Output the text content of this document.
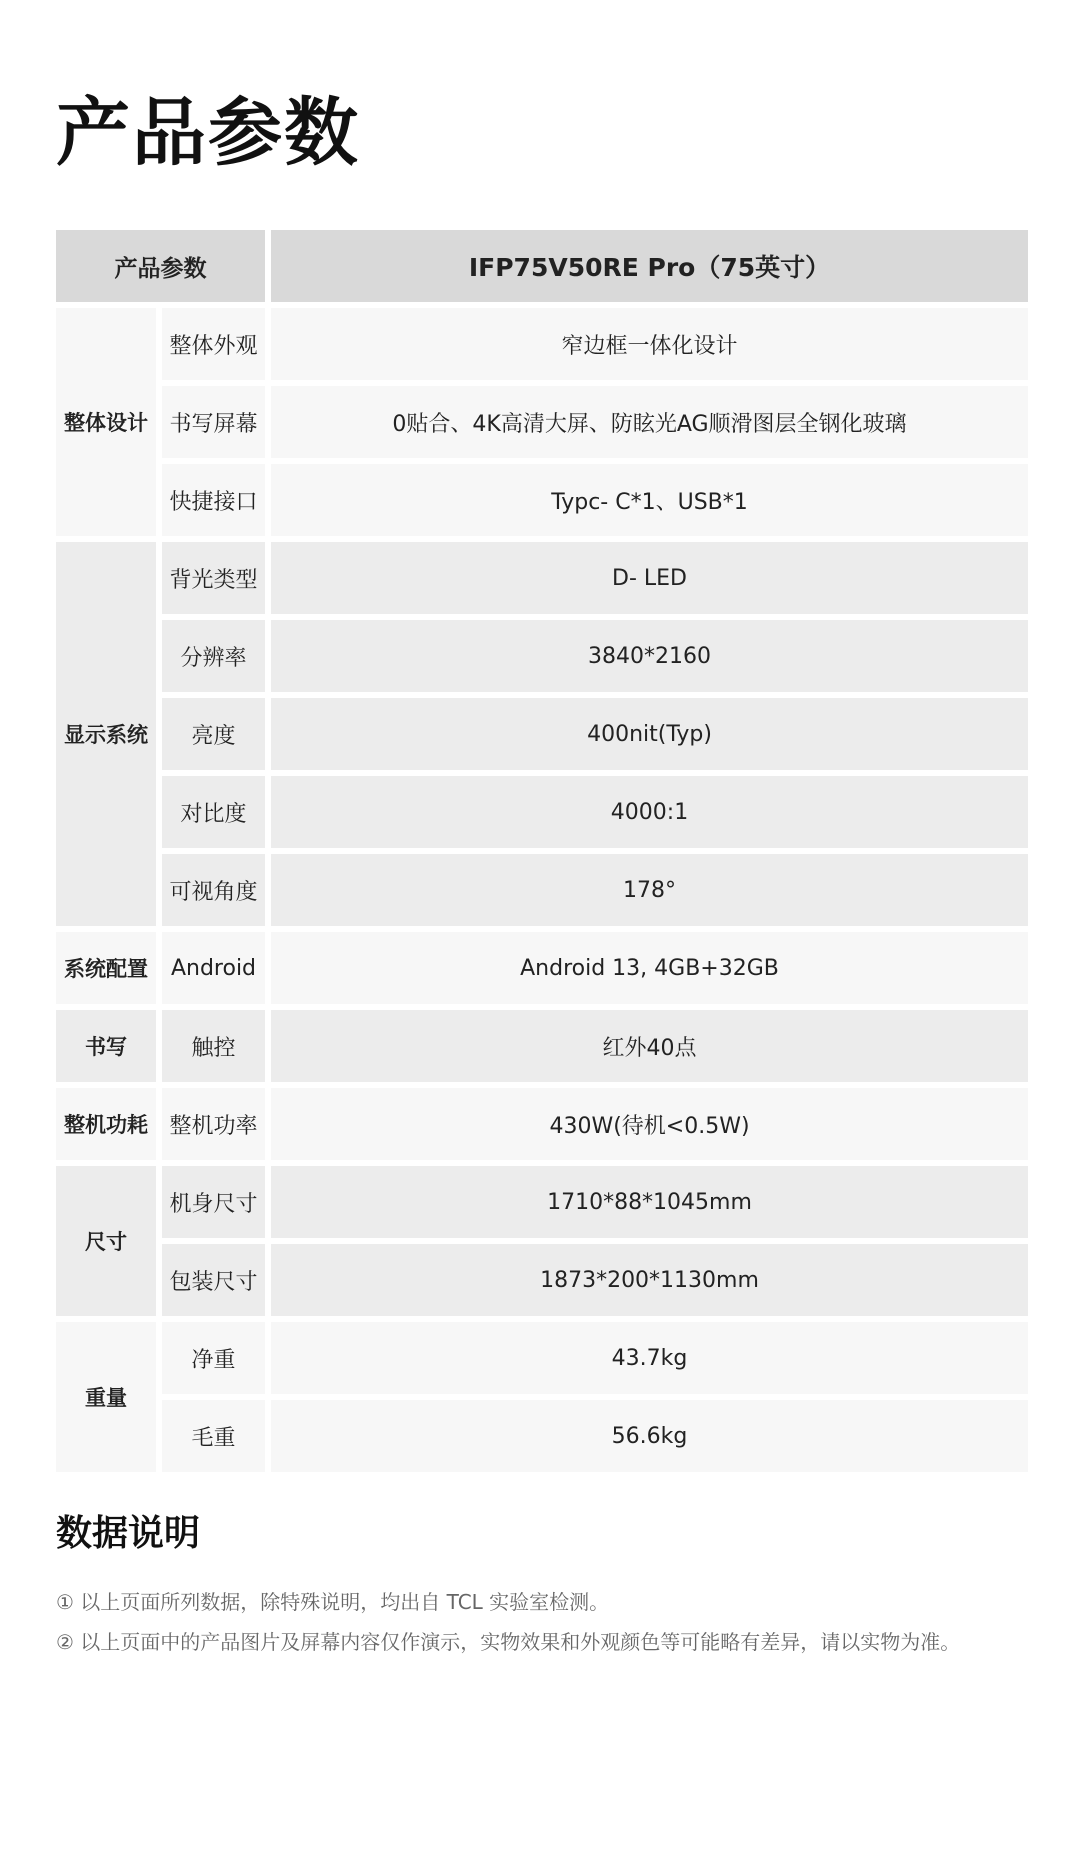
产品参数
产品参数		IFP75V50RE Pro（75英寸）
整体设计	整体外观	窄边框一体化设计
	书写屏幕	0贴合、4K高清大屏、防眩光AG顺滑图层全钢化玻璃
	快捷接口	Typc- C*1、USB*1
显示系统	背光类型	D- LED
	分辨率	3840*2160
	亮度	400nit(Typ)
	对比度	4000:1
	可视角度	178°
系统配置	Android	Android 13, 4GB+32GB
书写	触控	红外40点
整机功耗	整机功率	430W(待机<0.5W)
尺寸	机身尺寸	1710*88*1045mm
	包装尺寸	1873*200*1130mm
重量	净重	43.7kg
	毛重	56.6kg
数据说明

① 以上页面所列数据，除特殊说明，均出自 TCL 实验室检测。

② 以上页面中的产品图片及屏幕内容仅作演示，实物效果和外观颜色等可能略有差异，请以实物为准。
